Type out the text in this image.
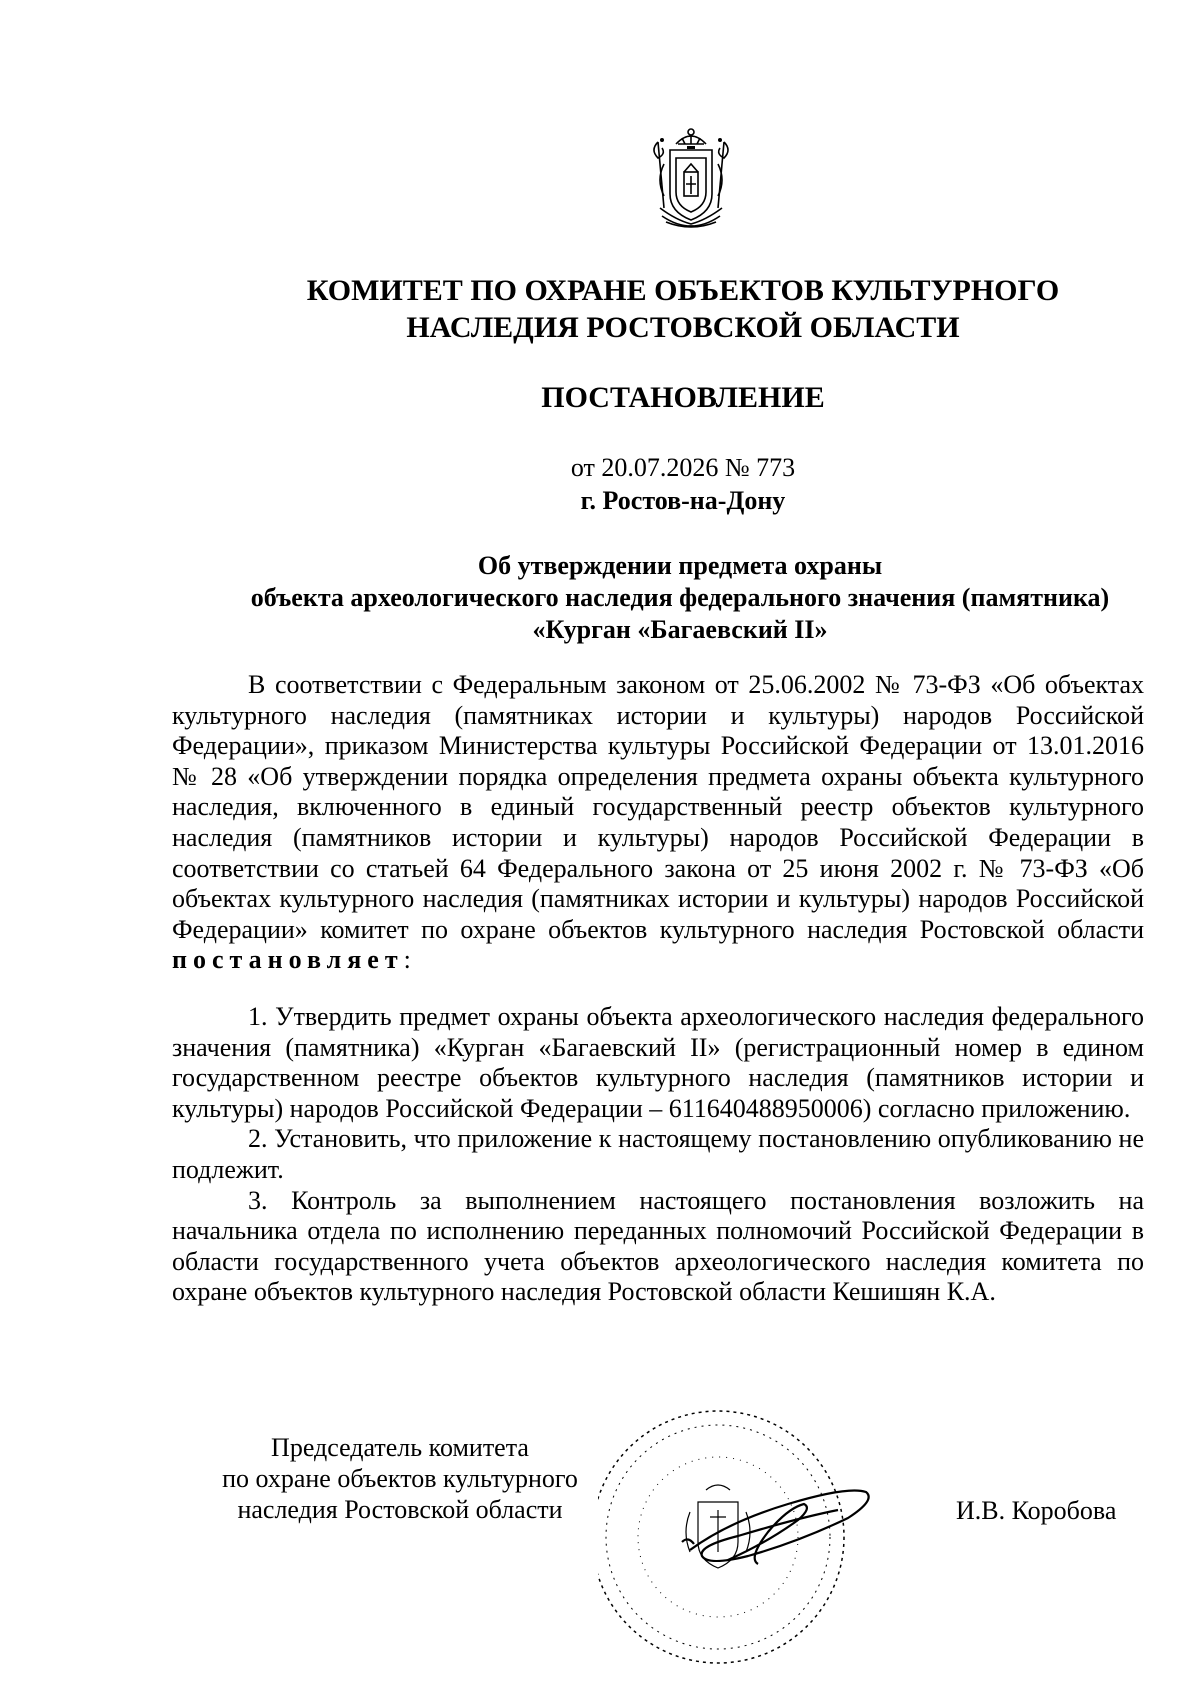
КОМИТЕТ ПО ОХРАНЕ ОБЪЕКТОВ КУЛЬТУРНОГО
НАСЛЕДИЯ РОСТОВСКОЙ ОБЛАСТИ
ПОСТАНОВЛЕНИЕ
от 20.07.2026 № 773
г. Ростов-на-Дону
Об утверждении предмета охраны
объекта археологического наследия федерального значения (памятника)
«Курган «Багаевский II»

В соответствии с Федеральным законом от 25.06.2002 № 73-ФЗ «Об объектах культурного наследия (памятниках истории и культуры) народов Российской Федерации», приказом Министерства культуры Российской Федерации от 13.01.2016 № 28 «Об утверждении порядка определения предмета охраны объекта культурного наследия, включенного в единый государственный реестр объектов культурного наследия (памятников истории и культуры) народов Российской Федерации в соответствии со статьей 64 Федерального закона от 25 июня 2002 г. № 73-ФЗ «Об объектах культурного наследия (памятниках истории и культуры) народов Российской Федерации» комитет по охране объектов культурного наследия Ростовской области постановляет:

1. Утвердить предмет охраны объекта археологического наследия федерального значения (памятника) «Курган «Багаевский II» (регистрационный номер в едином государственном реестре объектов культурного наследия (памятников истории и культуры) народов Российской Федерации – 611640488950006) согласно приложению.

2. Установить, что приложение к настоящему постановлению опубликованию не подлежит.

3. Контроль за выполнением настоящего постановления возложить на начальника отдела по исполнению переданных полномочий Российской Федерации в области государственного учета объектов археологического наследия комитета по охране объектов культурного наследия Ростовской области Кешишян К.А.

Председатель комитета
по охране объектов культурного
наследия Ростовской области	И.В. Коробова
